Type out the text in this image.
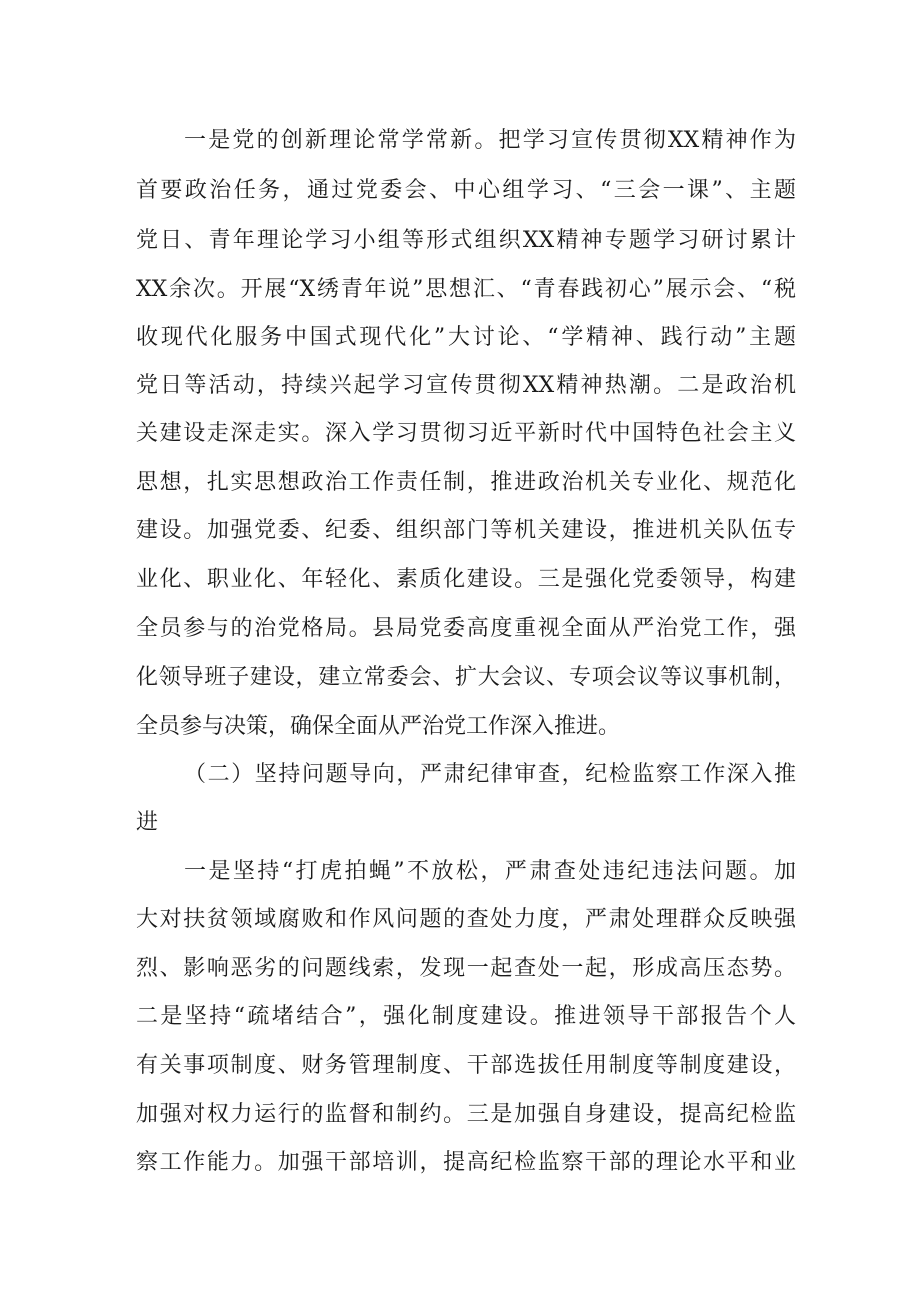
一是党的创新理论常学常新。把学习宣传贯彻XX精神作为

首要政治任务，通过党委会、中心组学习、“三会一课”、主题

党日、青年理论学习小组等形式组织XX精神专题学习研讨累计

XX余次。开展“X绣青年说”思想汇、“青春践初心”展示会、“税

收现代化服务中国式现代化”大讨论、“学精神、践行动”主题

党日等活动，持续兴起学习宣传贯彻XX精神热潮。二是政治机

关建设走深走实。深入学习贯彻习近平新时代中国特色社会主义

思想，扎实思想政治工作责任制，推进政治机关专业化、规范化

建设。加强党委、纪委、组织部门等机关建设，推进机关队伍专

业化、职业化、年轻化、素质化建设。三是强化党委领导，构建

全员参与的治党格局。县局党委高度重视全面从严治党工作，强

化领导班子建设，建立常委会、扩大会议、专项会议等议事机制，

全员参与决策，确保全面从严治党工作深入推进。

（二）坚持问题导向，严肃纪律审查，纪检监察工作深入推

进

一是坚持“打虎拍蝇”不放松，严肃查处违纪违法问题。加

大对扶贫领域腐败和作风问题的查处力度，严肃处理群众反映强

烈、影响恶劣的问题线索，发现一起查处一起，形成高压态势。

二是坚持“疏堵结合”，强化制度建设。推进领导干部报告个人

有关事项制度、财务管理制度、干部选拔任用制度等制度建设，

加强对权力运行的监督和制约。三是加强自身建设，提高纪检监

察工作能力。加强干部培训，提高纪检监察干部的理论水平和业
